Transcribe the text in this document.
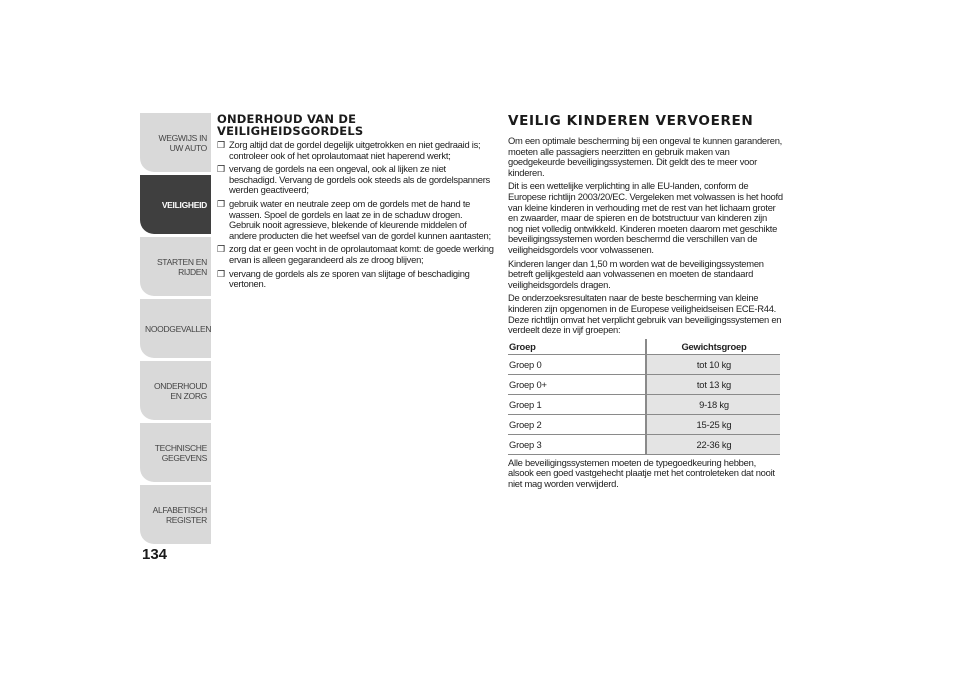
WEGWIJS IN UW AUTO
VEILIGHEID
STARTEN EN RIJDEN
NOODGEVALLEN
ONDERHOUD EN ZORG
TECHNISCHE GEGEVENS
ALFABETISCH REGISTER
134
ONDERHOUD VAN DE
VEILIGHEIDSGORDELS
❒ Zorg altijd dat de gordel degelijk uitgetrokken en niet gedraaid is; controleer ook of het oprolautomaat niet haperend werkt;
❒ vervang de gordels na een ongeval, ook al lijken ze niet beschadigd. Vervang de gordels ook steeds als de gordelspanners werden geactiveerd;
❒ gebruik water en neutrale zeep om de gordels met de hand te wassen. Spoel de gordels en laat ze in de schaduw drogen. Gebruik nooit agressieve, blekende of kleurende middelen of andere producten die het weefsel van de gordel kunnen aantasten;
❒ zorg dat er geen vocht in de oprolautomaat komt: de goede werking ervan is alleen gegarandeerd als ze droog blijven;
❒ vervang de gordels als ze sporen van slijtage of beschadiging vertonen.
VEILIG KINDEREN VERVOEREN

Om een optimale bescherming bij een ongeval te kunnen garanderen, moeten alle passagiers neerzitten en gebruik maken van goedgekeurde beveiligingssystemen. Dit geldt des te meer voor kinderen.

Dit is een wettelijke verplichting in alle EU-landen, conform de Europese richtlijn 2003/20/EC. Vergeleken met volwassen is het hoofd van kleine kinderen in verhouding met de rest van het lichaam groter en zwaarder, maar de spieren en de botstructuur van kinderen zijn nog niet volledig ontwikkeld. Kinderen moeten daarom met geschikte beveiligingssystemen worden beschermd die verschillen van de veiligheidsgordels voor volwassenen.

Kinderen langer dan 1,50 m worden wat de beveiligingssystemen betreft gelijkgesteld aan volwassenen en moeten de standaard veiligheidsgordels dragen.

De onderzoeksresultaten naar de beste bescherming van kleine kinderen zijn opgenomen in de Europese veiligheidseisen ECE-R44. Deze richtlijn omvat het verplicht gebruik van beveiligingssystemen en verdeelt deze in vijf groepen:

Groep	Gewichtsgroep
Groep 0	tot 10 kg
Groep 0+	tot 13 kg
Groep 1	9-18 kg
Groep 2	15-25 kg
Groep 3	22-36 kg

Alle beveiligingssystemen moeten de typegoedkeuring hebben, alsook een goed vastgehecht plaatje met het controleteken dat nooit niet mag worden verwijderd.
